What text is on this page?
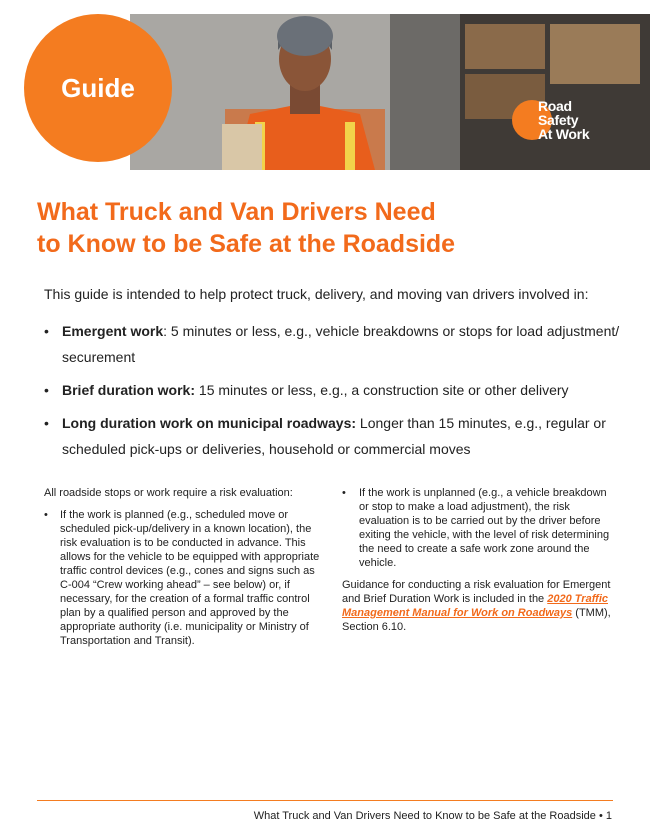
Guide
Road
Safety
At Work
What Truck and Van Drivers Need
to Know to be Safe at the Roadside

This guide is intended to help protect truck, delivery, and moving van drivers involved in:

• Emergent work: 5 minutes or less, e.g., vehicle breakdowns or stops for load adjustment/ securement
• Brief duration work: 15 minutes or less, e.g., a construction site or other delivery
• Long duration work on municipal roadways: Longer than 15 minutes, e.g., regular or scheduled pick-ups or deliveries, household or commercial moves

All roadside stops or work require a risk evaluation:

• If the work is planned (e.g., scheduled move or scheduled pick-up/delivery in a known location), the risk evaluation is to be conducted in advance. This allows for the vehicle to be equipped with appropriate traffic control devices (e.g., cones and signs such as C-004 “Crew working ahead” – see below) or, if necessary, for the creation of a formal traffic control plan by a qualified person and approved by the appropriate authority (i.e. municipality or Ministry of Transportation and Transit).

• If the work is unplanned (e.g., a vehicle breakdown or stop to make a load adjustment), the risk evaluation is to be carried out by the driver before exiting the vehicle, with the level of risk determining the need to create a safe work zone around the vehicle.

Guidance for conducting a risk evaluation for Emergent and Brief Duration Work is included in the 2020 Traffic Management Manual for Work on Roadways (TMM), Section 6.10.

What Truck and Van Drivers Need to Know to be Safe at the Roadside • 1
